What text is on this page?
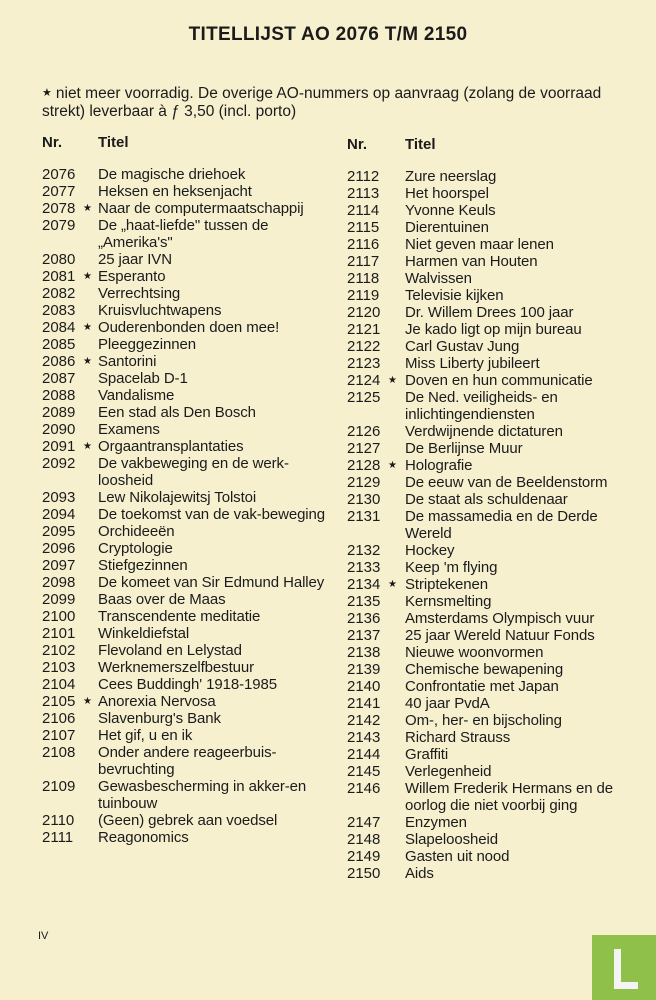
TITELLIJST AO 2076 T/M 2150
★ niet meer voorradig. De overige AO-nummers op aanvraag (zolang de voorraad strekt) leverbaar à ƒ 3,50 (incl. porto)
Nr. Titel
2076 De magische driehoek
2077 Heksen en heksenjacht
2078 ★ Naar de computermaatschappij
2079 De „haat-liefde" tussen de „Amerika's"
2080 25 jaar IVN
2081 ★ Esperanto
2082 Verrechtsing
2083 Kruisvluchtwapens
2084 ★ Ouderenbonden doen mee!
2085 Pleeggezinnen
2086 ★ Santorini
2087 Spacelab D-1
2088 Vandalisme
2089 Een stad als Den Bosch
2090 Examens
2091 ★ Orgaantransplantaties
2092 De vakbeweging en de werk-loosheid
2093 Lew Nikolajewitsj Tolstoi
2094 De toekomst van de vak-beweging
2095 Orchideeën
2096 Cryptologie
2097 Stiefgezinnen
2098 De komeet van Sir Edmund Halley
2099 Baas over de Maas
2100 Transcendente meditatie
2101 Winkeldiefstal
2102 Flevoland en Lelystad
2103 Werknemerszelfbestuur
2104 Cees Buddingh' 1918-1985
2105 ★ Anorexia Nervosa
2106 Slavenburg's Bank
2107 Het gif, u en ik
2108 Onder andere reageerbuis-bevruchting
2109 Gewasbescherming in akker-en tuinbouw
2110 (Geen) gebrek aan voedsel
2111 Reagonomics
Nr.	Titel
2112 Zure neerslag
2113 Het hoorspel
2114 Yvonne Keuls
2115 Dierentuinen
2116 Niet geven maar lenen
2117 Harmen van Houten
2118 Walvissen
2119 Televisie kijken
2120 Dr. Willem Drees 100 jaar
2121 Je kado ligt op mijn bureau
2122 Carl Gustav Jung
2123 Miss Liberty jubileert
2124 ★ Doven en hun communicatie
2125 De Ned. veiligheids- en inlichtingendiensten
2126 Verdwijnende dictaturen
2127 De Berlijnse Muur
2128 ★ Holografie
2129 De eeuw van de Beeldenstorm
2130 De staat als schuldenaar
2131 De massamedia en de Derde Wereld
2132 Hockey
2133 Keep 'm flying
2134 ★ Striptekenen
2135 Kernsmelting
2136 Amsterdams Olympisch vuur
2137 25 jaar Wereld Natuur Fonds
2138 Nieuwe woonvormen
2139 Chemische bewapening
2140 Confrontatie met Japan
2141 40 jaar PvdA
2142 Om-, her- en bijscholing
2143 Richard Strauss
2144 Graffiti
2145 Verlegenheid
2146 Willem Frederik Hermans en de oorlog die niet voorbij ging
2147 Enzymen
2148 Slapeloosheid
2149 Gasten uit nood
2150 Aids
IV
